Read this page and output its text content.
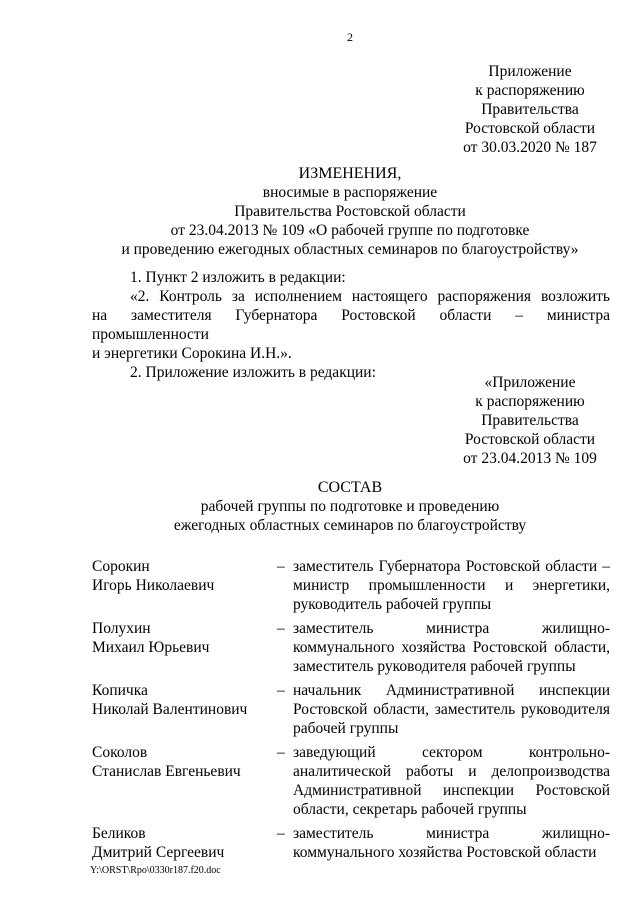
2
Приложение
к распоряжению
Правительства
Ростовской области
от 30.03.2020 № 187
ИЗМЕНЕНИЯ,
вносимые в распоряжение
Правительства Ростовской области
от 23.04.2013 № 109 «О рабочей группе по подготовке
и проведению ежегодных областных семинаров по благоустройству»

1. Пункт 2 изложить в редакции:

«2. Контроль за исполнением настоящего распоряжения возложить

на заместителя Губернатора Ростовской области – министра промышленности

и энергетики Сорокина И.Н.».

2. Приложение изложить в редакции:

«Приложение
к распоряжению
Правительства
Ростовской области
от 23.04.2013 № 109
СОСТАВ
рабочей группы по подготовке и проведению
ежегодных областных семинаров по благоустройству
Сорокин
Игорь Николаевич
– заместитель Губернатора Ростовской области – министр промышленности и энергетики, руководитель рабочей группы
Полухин
Михаил Юрьевич
– заместитель министра жилищно-коммунального хозяйства Ростовской области, заместитель руководителя рабочей группы
Копичка
Николай Валентинович
– начальник Административной инспекции Ростовской области, заместитель руководителя рабочей группы
Соколов
Станислав Евгеньевич
– заведующий сектором контрольно-аналитической работы и делопроизводства Административной инспекции Ростовской области, секретарь рабочей группы
Беликов
Дмитрий Сергеевич
– заместитель министра жилищно-коммунального хозяйства Ростовской области
Y:\ORST\Rpo\0330r187.f20.doc
